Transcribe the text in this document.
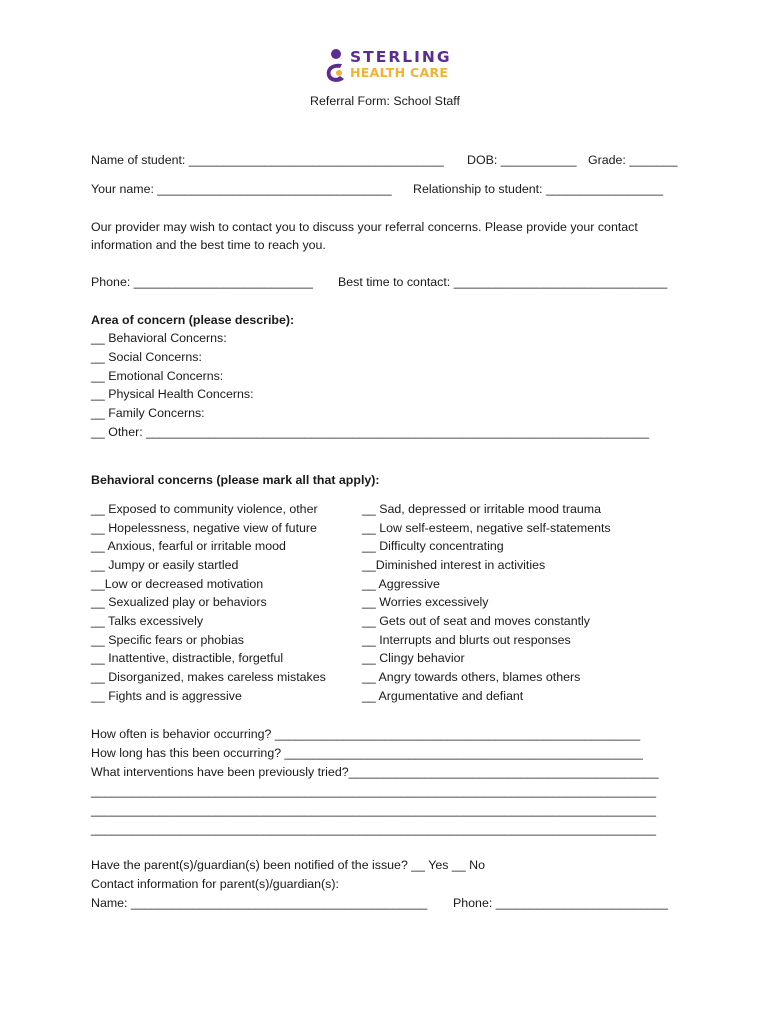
STERLING
HEALTH CARE
Referral Form: School Staff
Name of student: _____________________________________ DOB: ___________ Grade: _______
Your name: __________________________________ Relationship to student: _________________
Our provider may wish to contact you to discuss your referral concerns. Please provide your contact
information and the best time to reach you.
Phone: __________________________ Best time to contact: _______________________________
Area of concern (please describe):
__ Behavioral Concerns:
__ Social Concerns:
__ Emotional Concerns:
__ Physical Health Concerns:
__ Family Concerns:
__ Other: _________________________________________________________________________
Behavioral concerns (please mark all that apply):
__ Exposed to community violence, other
__ Hopelessness, negative view of future
__ Anxious, fearful or irritable mood
__ Jumpy or easily startled
__Low or decreased motivation
__ Sexualized play or behaviors
__ Talks excessively
__ Specific fears or phobias
__ Inattentive, distractible, forgetful
__ Disorganized, makes careless mistakes
__ Fights and is aggressive
__ Sad, depressed or irritable mood trauma
__ Low self-esteem, negative self-statements
__ Difficulty concentrating
__Diminished interest in activities
__ Aggressive
__ Worries excessively
__ Gets out of seat and moves constantly
__ Interrupts and blurts out responses
__ Clingy behavior
__ Angry towards others, blames others
__ Argumentative and defiant
How often is behavior occurring? _____________________________________________________
How long has this been occurring? ____________________________________________________
What interventions have been previously tried?_____________________________________________
__________________________________________________________________________________
__________________________________________________________________________________
__________________________________________________________________________________
Have the parent(s)/guardian(s) been notified of the issue? __ Yes __ No
Contact information for parent(s)/guardian(s):
Name: ___________________________________________ Phone: _________________________
